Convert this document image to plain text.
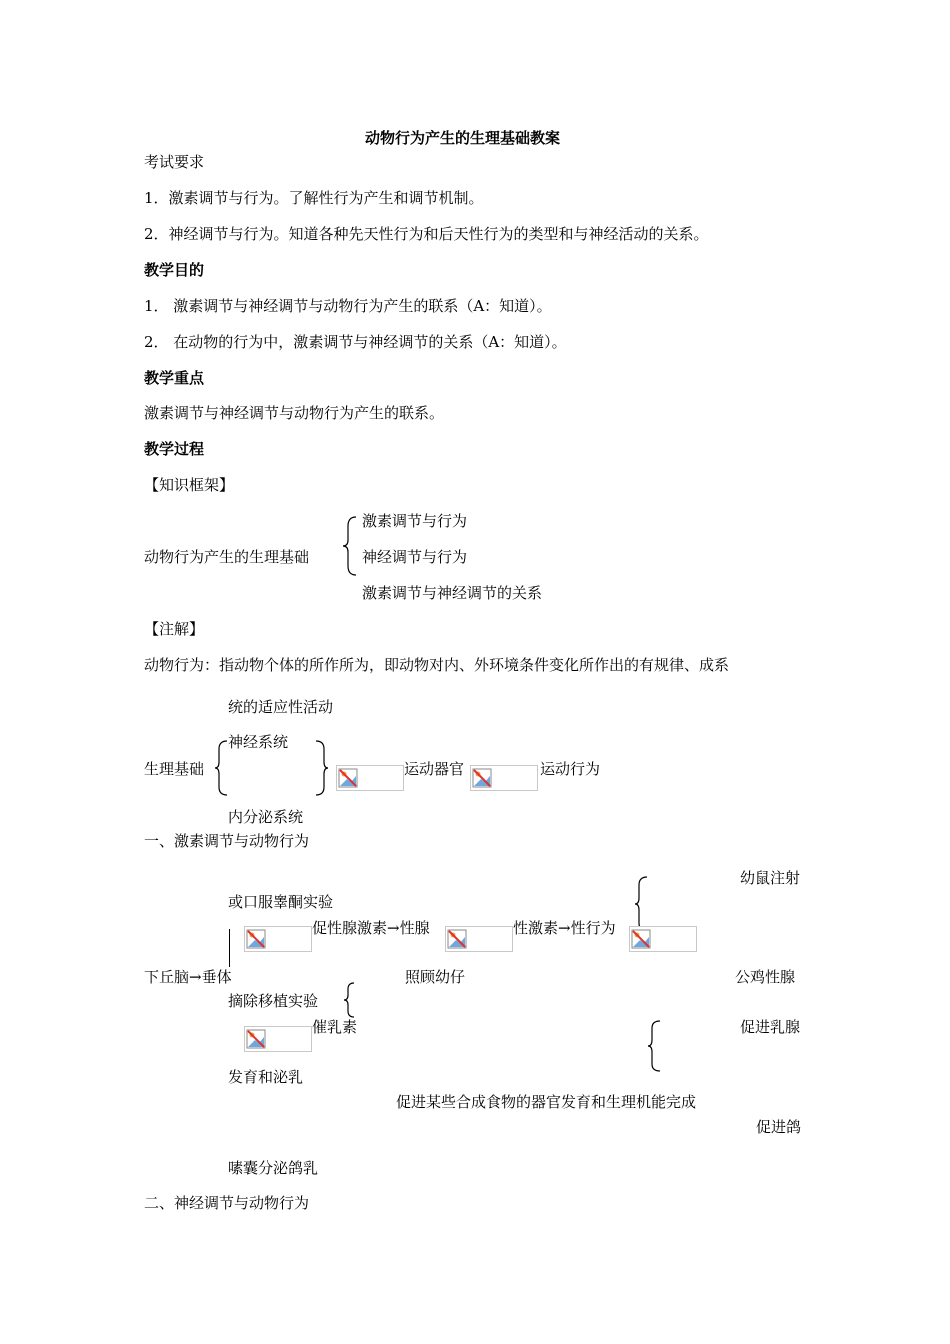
动物行为产生的生理基础教案
考试要求
1．激素调节与行为。了解性行为产生和调节机制。
2．神经调节与行为。知道各种先天性行为和后天性行为的类型和与神经活动的关系。
教学目的
1． 激素调节与神经调节与动物行为产生的联系（A：知道）。
2． 在动物的行为中，激素调节与神经调节的关系（A：知道）。
教学重点
激素调节与神经调节与动物行为产生的联系。
教学过程
【知识框架】
激素调节与行为
动物行为产生的生理基础	神经调节与行为
激素调节与神经调节的关系
【注解】
动物行为：指动物个体的所作所为，即动物对内、外环境条件变化所作出的有规律、成系
统的适应性活动
神经系统
生理基础	运动器官	运动行为
内分泌系统
一、激素调节与动物行为
幼鼠注射
或口服睾酮实验
促性腺激素→性腺	性激素→性行为
下丘脑→垂体	照顾幼仔	公鸡性腺
摘除移植实验
催乳素	促进乳腺
发育和泌乳
促进某些合成食物的器官发育和生理机能完成
促进鸽
嗉囊分泌鸽乳
二、神经调节与动物行为
